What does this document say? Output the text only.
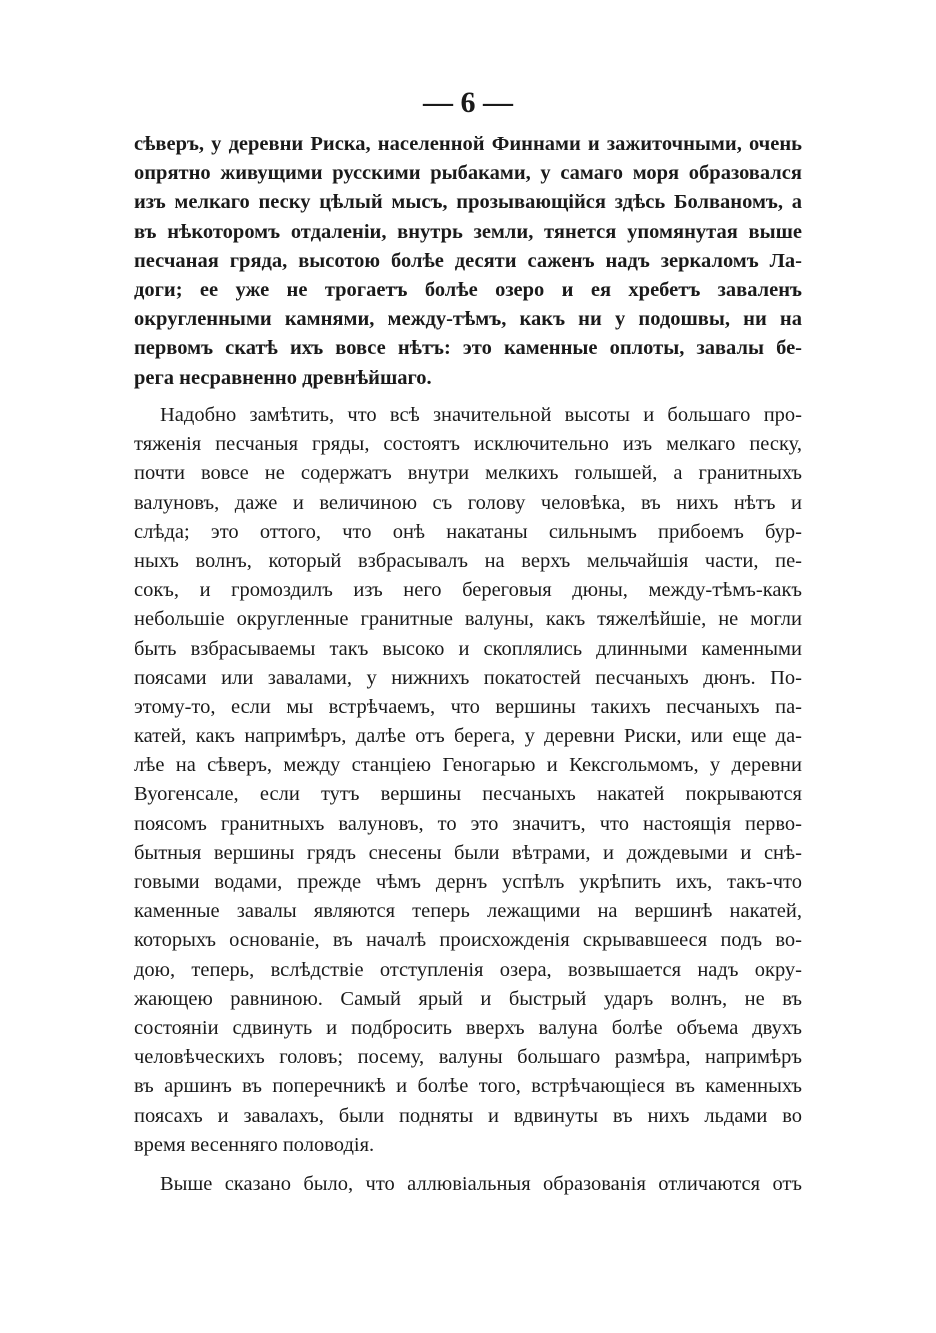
— 6 —
сѣверъ, у деревни Риска, населенной Финнами и зажиточными, очень
опрятно живущими русскими рыбаками, у самаго моря образовался
изъ мелкаго песку цѣлый мысъ, прозывающійся здѣсь Болваномъ, а
въ нѣкоторомъ отдаленіи, внутрь земли, тянется упомянутая выше
песчаная гряда, высотою болѣе десяти саженъ надъ зеркаломъ Ла-
доги; ее уже не трогаетъ болѣе озеро и ея хребетъ заваленъ
округленными камнями, между-тѣмъ, какъ ни у подошвы, ни на
первомъ скатѣ ихъ вовсе нѣтъ: это каменные оплоты, завалы бе-
рега несравненно древнѣйшаго.
Надобно замѣтить, что всѣ значительной высоты и большаго про-
тяженія песчаныя гряды, состоятъ исключительно изъ мелкаго песку,
почти вовсе не содержатъ внутри мелкихъ голышей, а гранитныхъ
валуновъ, даже и величиною съ голову человѣка, въ нихъ нѣтъ и
слѣда; это оттого, что онѣ накатаны сильнымъ прибоемъ бур-
ныхъ волнъ, который взбрасывалъ на верхъ мельчайшія части, пе-
сокъ, и громоздилъ изъ него береговыя дюны, между-тѣмъ-какъ
небольшіе округленные гранитные валуны, какъ тяжелѣйшіе, не могли
быть взбрасываемы такъ высоко и скоплялись длинными каменными
поясами или завалами, у нижнихъ покатостей песчаныхъ дюнъ. По-
этому-то, если мы встрѣчаемъ, что вершины такихъ песчаныхъ па-
катей, какъ напримѣръ, далѣе отъ берега, у деревни Риски, или еще да-
лѣе на сѣверъ, между станціею Геногарью и Кексгольмомъ, у деревни
Вуогенсале, если тутъ вершины песчаныхъ накатей покрываются
поясомъ гранитныхъ валуновъ, то это значитъ, что настоящія перво-
бытныя вершины грядъ снесены были вѣтрами, и дождевыми и снѣ-
говыми водами, прежде чѣмъ дернъ успѣлъ укрѣпить ихъ, такъ-что
каменные завалы являются теперь лежащими на вершинѣ накатей,
которыхъ основаніе, въ началѣ происхожденія скрывавшееся подъ во-
дою, теперь, вслѣдствіе отступленія озера, возвышается надъ окру-
жающею равниною. Самый ярый и быстрый ударъ волнъ, не въ
состояніи сдвинуть и подбросить вверхъ валуна болѣе объема двухъ
человѣческихъ головъ; посему, валуны большаго размѣра, напримѣръ
въ аршинъ въ поперечникѣ и болѣе того, встрѣчающіеся въ каменныхъ
поясахъ и завалахъ, были подняты и вдвинуты въ нихъ льдами во
время весенняго половодія.
Выше сказано было, что аллювіальныя образованія отличаются отъ
